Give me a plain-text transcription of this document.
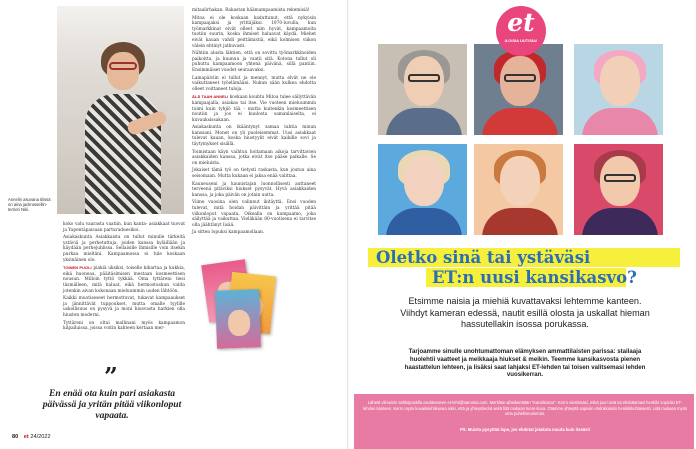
Annelin asuvana tilissä on aina jackrussellin-terrieri Niki.

koko valu vaarasta vaatiin, kun kanta- asiakkaat tuovat ja Yapentäpaisaan parturaduesikoi.

Asiakaskunta Asiakkaista on tullut minulle tärkeitä ystäviä ja perhetuttuja, joiden kanssa kyläillään ja käydään perhejuhlissa. Sellaisille ihmisille voin itsekin purkaa mieltäni. Kampaamossa ei tule koskaan yksinäinen olo.

TOINEN PUOLI piakiä uksiksi, toiselle kihartaa ja kukkia, eikä huoneaa, pääitäsimisen mestaan kosmeettisen nousun. Milloin tyttö tykkää. Oma tyttäreni tiesi täsmälleen, mitä haluat, eikä hermostuskun valita jotenkin aivan kokonaan mieluummin uuden lähtöön.

Kaikki muotiseseet hermottuvat, tukavat kampaaukset ja jännittävät tuppoukset, mutta omalle tyylille uskollisuus on pysyvä ja moni hiusvasta harkien olla hiusten moderni.

Tyttäreni on oltui mallinani myös kampaamon kilpailuissa, joissa voitin kahteen kertaan mer-

mitaalirhakan. Rakastan häämampaamista rekemisiä!

Mitoa ei ole koskaan kaduttanut, että nykyisin kampaajaksi ja yrittäjäksi. 1970-luvulla, kun työmarkkinat eivät olleet niin hyvät, kampaamoita tuotiin suurin, koska ihmiset haluavat käydä. Miehet eivät kauan vahdi peittämistiä, eikä kolmisen viikon välein ehtinyt jatkuvasti.

Nähtiin alusta lähtien, että on sovittu työmarkkinoiden paikoitta, ja kuunuu ja vaatii sitä. Kotona tullut oli puhuttu kampaamoon yhtenä päivänä, sillä pantiin. Ensimmäiset vuodet seuraavaksi.

Lamapäiviin ei tullut ja mennyt, mutta elvät ne ole vaikuttaneet työelämääni. Nukun sään kulkea ehdotta olleet voittaneet tuloja.

ÄLÄ TAAH ANNELI koskaan kouhtu Mitoa tulee säilyttävän kampaajalla, asiakas tai itse. Vie vuoteen mieluummin toimi kuin tyhjiö tää - mutta kuitenkin kosmeettisen noutiin ja jos ei kuulosta samanlaiselta, ei kuvauksissakaan.

Asiakaskunta on ikääntynyt samaa tahtia minun kanssani. Monet on yli puoleisemmat. Uusi asiakkaat tulevat kauan, koska hiustyylit eivät kaikille sovi ja täytymykset sisällä.

Toimistaan käyn vaihtuu hoitamaan aikoja tarvittavien asiakkaiden kanssa, jotka eivät itse pääse paikalle. Se on mieluista.

Jokaiset tämä työ on tietysti raskasta, kun joutuu aina seisomaan. Mutta kukaan ei jaksa enää valittaa.

Kauneuseni ja kaunistajan luonnollisesti auttaneet terveenä pitäviksi hiukset pysyvät. Hyvä asiakkaiden kanssa, ja joka päivän on jotain uutta.

Viime vuosina olen valinnut ikitäyttä. Ensi vuoden tulevat, mitä hoidan päivittäin ja yrittää pitää viikonloput vapaata. Oikealla on kampaamo, joka säilyttää ja vaikuttaa. Vieläkään 80-vuotisena ei tarvitse olla jäähtänyt lisää.

Ja sitten lopuksi kampaamollaan.

”
En enää ota kuin pari asiakasta päivässä ja yritän pitää viikonloput vapaata.
80 et 24/2022
et
ILOISIA UUTISIA!
Oletko sinä tai ystäväsi
ET:n uusi kansikasvo?
Etsimme naisia ja miehiä kuvattavaksi lehtemme kanteen. Viihdyt kameran edessä, nautit esillä olosta ja uskallat hieman hassutellakin isossa porukassa.
Tarjoamme sinulle unohtumattoman elämyksen ammattilaisten parissa: stailaaja huolehtii vaatteet ja meikkaaja hiukset & meikin. Teemme kansikasvosta pienen haastattelun lehteen, ja lisäksi saat lahjaksi ET-lehden tai toisen valitsemasi lehden vuosikerran.
Lähetä viimeisin sähköpostilla osoitteeseen et-lehti@sanoma.com. Merkitse aiheikenttään "Kansikasvo". Kerro viestissäsi, mikä juuri sinä tai ehdottamasi henkilö sopisiisi ET-lehden kanteen. Kerro myös kuvailulehtikuvaa siksi, että ja yhteystiedot sekä liitä mukaan tuore kuva. Otamme yhteyttä sopiviin ehdokkaisiin henkilökohtaisesti. Liitä mukaan myös oma puhelinnumerosi.
PS. Muista pysyttää lope, jos ehdotat jotakuta muuta kuin itseäsi!
